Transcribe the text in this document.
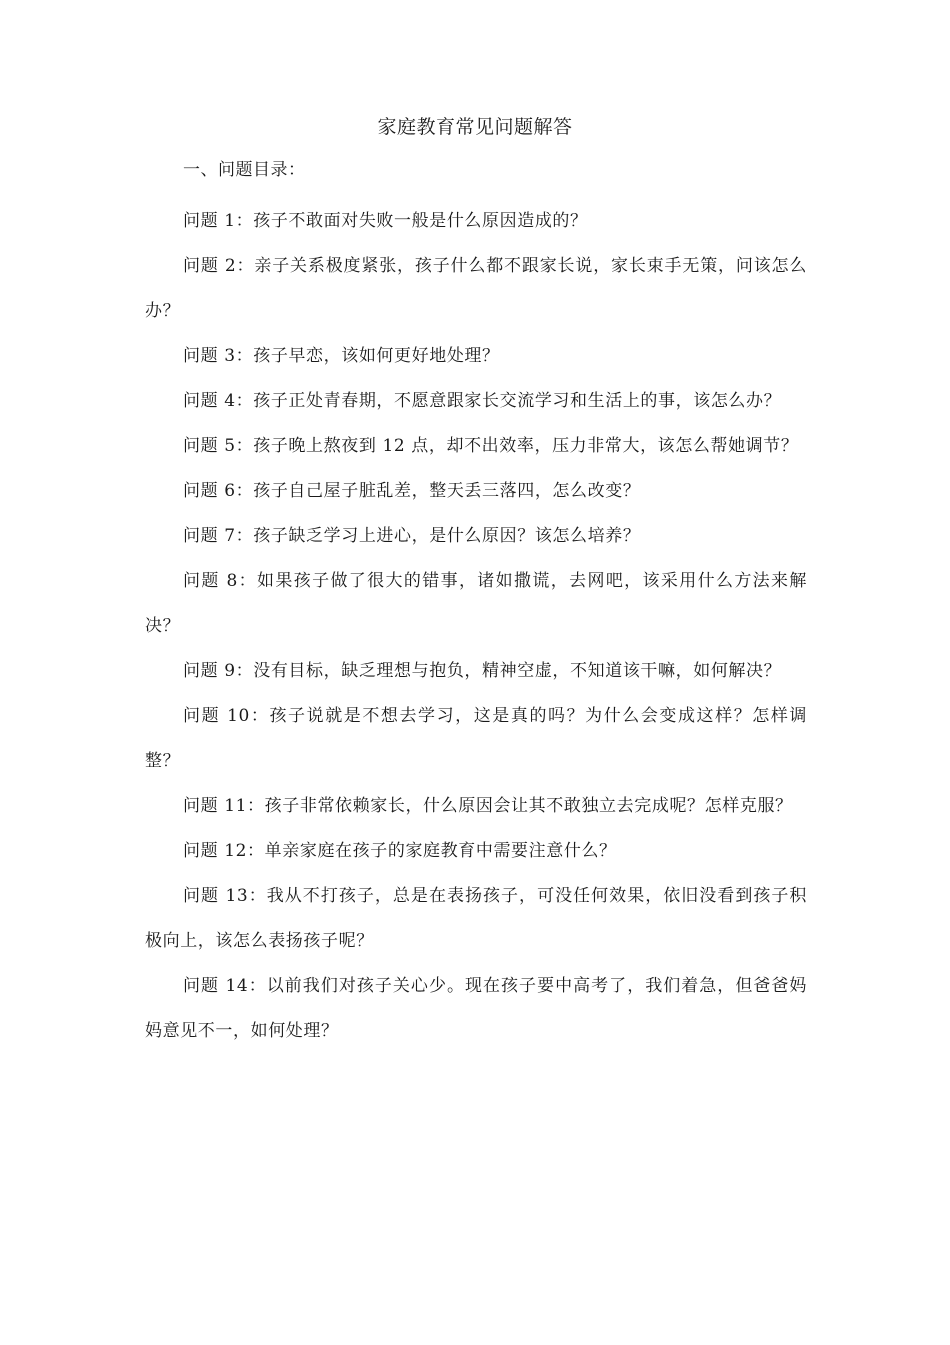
家庭教育常见问题解答
一、问题目录：
问题 1：孩子不敢面对失败一般是什么原因造成的？
问题 2：亲子关系极度紧张，孩子什么都不跟家长说，家长束手无策，问该怎么办？
问题 3：孩子早恋，该如何更好地处理？
问题 4：孩子正处青春期，不愿意跟家长交流学习和生活上的事，该怎么办？
问题 5：孩子晚上熬夜到 12 点，却不出效率，压力非常大，该怎么帮她调节？
问题 6：孩子自己屋子脏乱差，整天丢三落四，怎么改变？
问题 7：孩子缺乏学习上进心，是什么原因？该怎么培养？
问题 8：如果孩子做了很大的错事，诸如撒谎，去网吧，该采用什么方法来解决？
问题 9：没有目标，缺乏理想与抱负，精神空虚，不知道该干嘛，如何解决？
问题 10：孩子说就是不想去学习，这是真的吗？为什么会变成这样？怎样调整？
问题 11：孩子非常依赖家长，什么原因会让其不敢独立去完成呢？怎样克服？
问题 12：单亲家庭在孩子的家庭教育中需要注意什么？
问题 13：我从不打孩子，总是在表扬孩子，可没任何效果，依旧没看到孩子积极向上，该怎么表扬孩子呢？
问题 14：以前我们对孩子关心少。现在孩子要中高考了，我们着急，但爸爸妈妈意见不一，如何处理？
